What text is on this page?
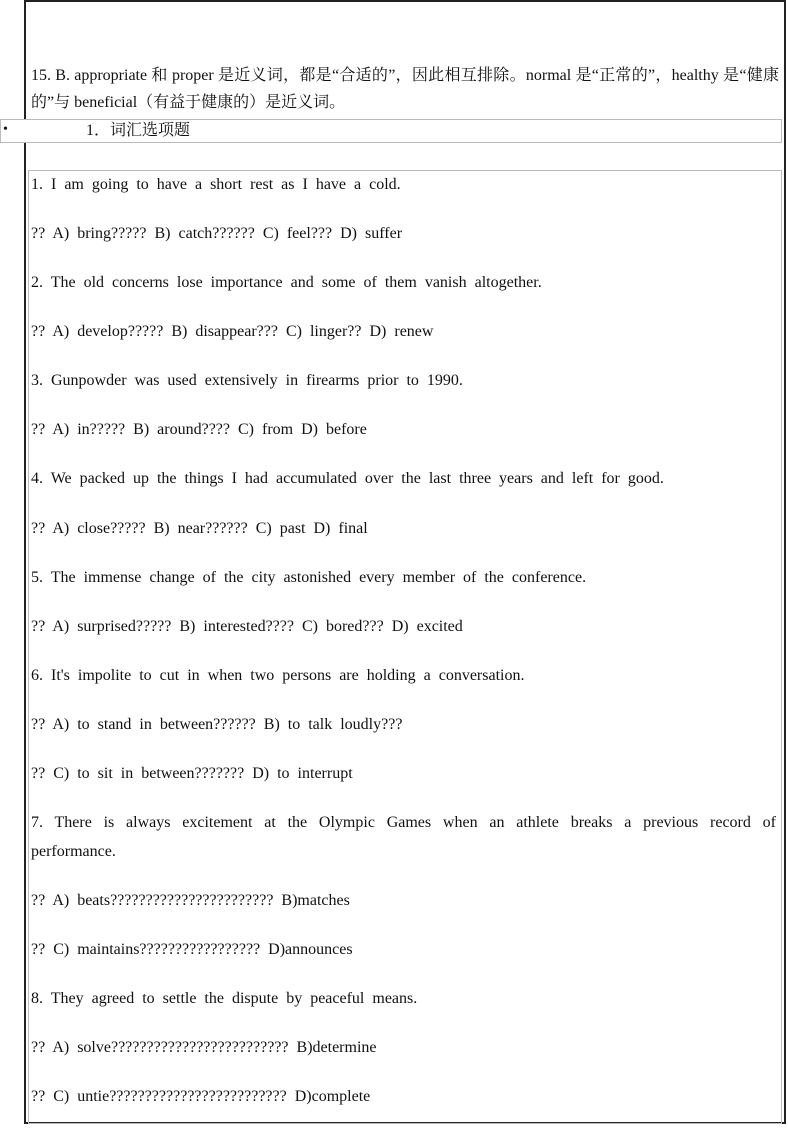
15. B. appropriate 和 proper 是近义词，都是“合适的”，因此相互排除。normal 是“正常的”，healthy 是“健康的”与 beneficial（有益于健康的）是近义词。

•	1．词汇选项题

1. I am going to have a short rest as I have a cold.

?? A) bring????? B) catch?????? C) feel??? D) suffer

2. The old concerns lose importance and some of them vanish altogether.

?? A) develop????? B) disappear??? C) linger?? D) renew

3. Gunpowder was used extensively in firearms prior to 1990.

?? A) in????? B) around???? C) from D) before

4. We packed up the things I had accumulated over the last three years and left for good.

?? A) close????? B) near?????? C) past D) final

5. The immense change of the city astonished every member of the conference.

?? A) surprised????? B) interested???? C) bored??? D) excited

6. It's impolite to cut in when two persons are holding a conversation.

?? A) to stand in between?????? B) to talk loudly???

?? C) to sit in between??????? D) to interrupt

7. There is always excitement at the Olympic Games when an athlete breaks a previous record of performance.

?? A) beats??????????????????????? B)matches

?? C) maintains????????????????? D)announces

8. They agreed to settle the dispute by peaceful means.

?? A) solve????????????????????????? B)determine

?? C) untie????????????????????????? D)complete
